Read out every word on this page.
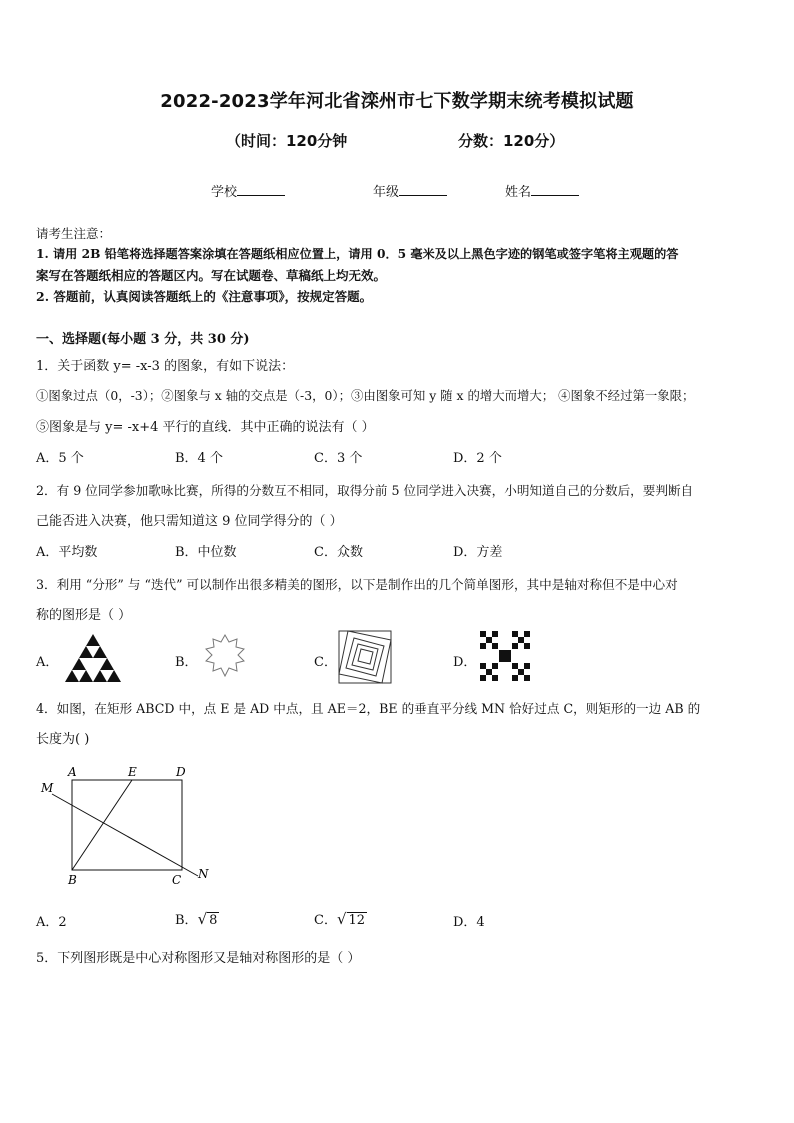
2022-2023学年河北省滦州市七下数学期末统考模拟试题
（时间：120分钟	分数：120分）
学校	年级	姓名
请考生注意：
1. 请用 2B 铅笔将选择题答案涂填在答题纸相应位置上，请用 0．5 毫米及以上黑色字迹的钢笔或签字笔将主观题的答
案写在答题纸相应的答题区内。写在试题卷、草稿纸上均无效。
2. 答题前，认真阅读答题纸上的《注意事项》，按规定答题。
一、选择题(每小题 3 分，共 30 分)
1．关于函数 y= -x-3 的图象，有如下说法：
①图象过点（0，-3）；②图象与 x 轴的交点是（-3，0）；③由图象可知 y 随 x 的增大而增大； ④图象不经过第一象限；
⑤图象是与 y= -x+4 平行的直线．其中正确的说法有（ ）
A．5 个	B．4 个	C．3 个	D．2 个
2．有 9 位同学参加歌咏比赛，所得的分数互不相同，取得分前 5 位同学进入决赛，小明知道自己的分数后，要判断自
己能否进入决赛，他只需知道这 9 位同学得分的（ ）
A．平均数	B．中位数	C．众数	D．方差
3．利用 “分形” 与 “迭代” 可以制作出很多精美的图形，以下是制作出的几个简单图形，其中是轴对称但不是中心对
称的图形是（ ）
A．	B．	C．	D．
4．如图，在矩形 ABCD 中，点 E 是 AD 中点，且 AE＝2，BE 的垂直平分线 MN 恰好过点 C，则矩形的一边 AB 的
长度为( )
A	E	D
M
B	C N
A．2	B．√ 8	C．√ 12	D．4
5．下列图形既是中心对称图形又是轴对称图形的是（ ）
